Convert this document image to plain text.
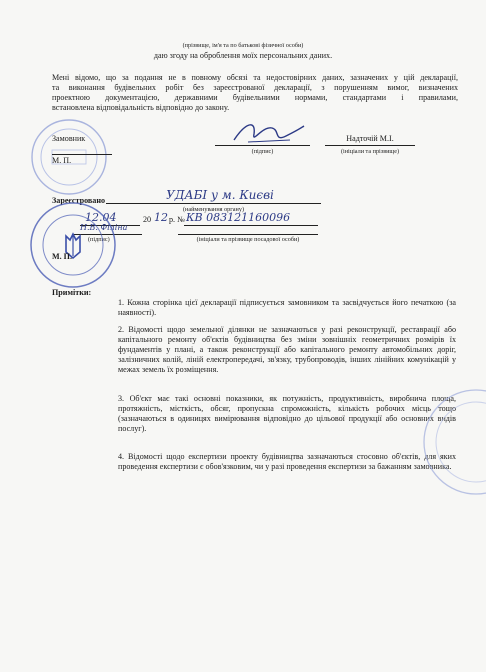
(прізвище, ім'я та по батькові фізичної особи)
даю згоду на оброблення моїх персональних даних.
Мені відомо, що за подання не в повному обсязі та недостовірних даних, зазначених у цій декларації,
та виконання будівельних робіт без зареєстрованої декларації, з порушенням вимог, визначених
проектною документацією, державними будівельними нормами, стандартами і правилами,
встановлена відповідальність відповідно до закону.
Замовник
М. П.
(підпис)
Надточій М.І.
(ініціали та прізвище)
Зареєстровано	УДАБІ у м. Києві
(найменування органу)
12.04	20 12 р. № КВ 083121160096
Н.В. Філіна
(підпис)	(ініціали та прізвище посадової особи)
М. П.
Примітки:
1. Кожна сторінка цієї декларації підписується замовником та засвідчується його печаткою (за наявності).
2. Відомості щодо земельної ділянки не зазначаються у разі реконструкції, реставрації або капітального ремонту об'єктів будівництва без зміни зовнішніх геометричних розмірів їх фундаментів у плані, а також реконструкції або капітального ремонту автомобільних доріг, залізничних колій, ліній електропередачі, зв'язку, трубопроводів, інших лінійних комунікацій у межах земель їх розміщення.
3. Об'єкт має такі основні показники, як потужність, продуктивність, виробнича площа, протяжність, місткість, обсяг, пропускна спроможність, кількість робочих місць тощо (зазначаються в одиницях вимірювання відповідно до цільової продукції або основних видів послуг).
4. Відомості щодо експертизи проекту будівництва зазначаються стосовно об'єктів, для яких проведення експертизи є обов'язковим, чи у разі проведення експертизи за бажанням замовника.
